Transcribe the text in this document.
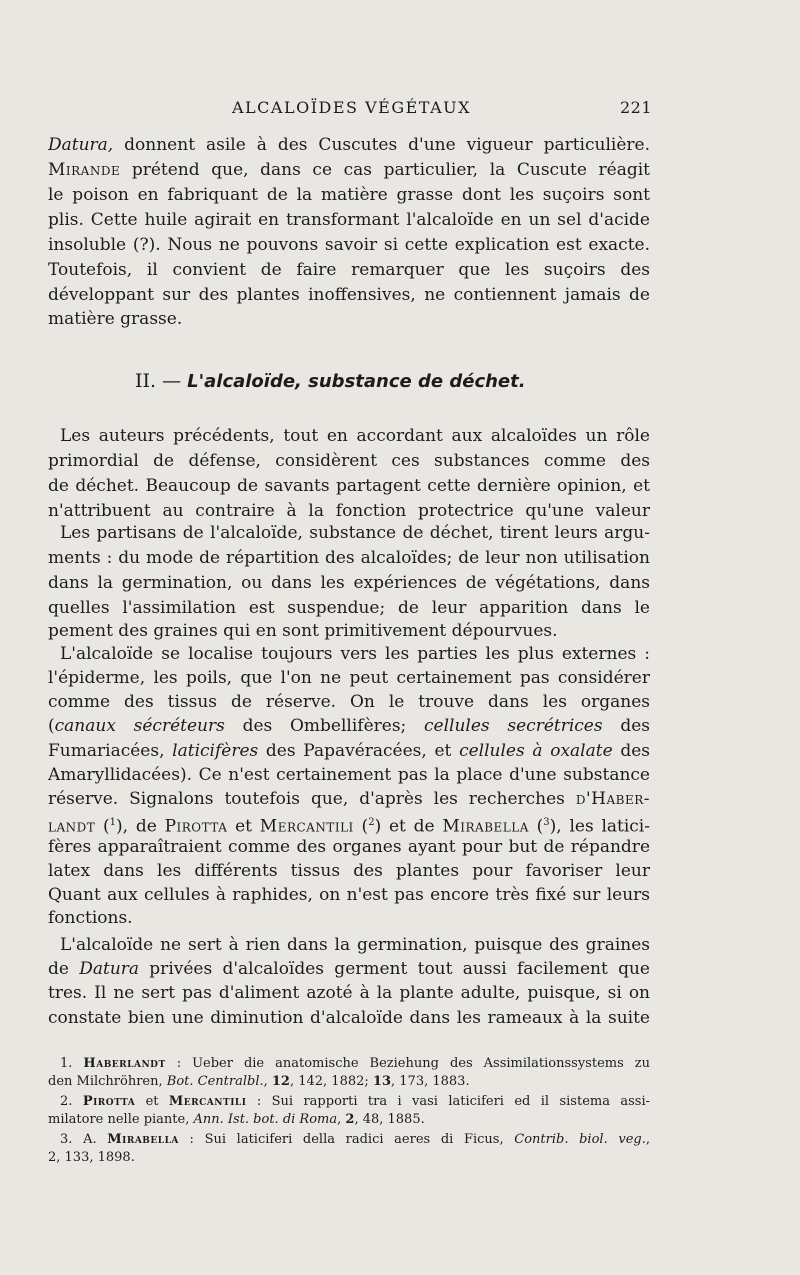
ALCALOÏDES VÉGÉTAUX	221
Datura, donnent asile à des Cuscutes d'une vigueur particulière.
Mirande prétend que, dans ce cas particulier, la Cuscute réagit
le poison en fabriquant de la matière grasse dont les suçoirs sont
plis. Cette huile agirait en transformant l'alcaloïde en un sel d'acide
insoluble (?). Nous ne pouvons savoir si cette explication est exacte.
Toutefois, il convient de faire remarquer que les suçoirs des
développant sur des plantes inoffensives, ne contiennent jamais de
matière grasse.
II. — L'alcaloïde, substance de déchet.
Les auteurs précédents, tout en accordant aux alcaloïdes un rôle
primordial de défense, considèrent ces substances comme des
de déchet. Beaucoup de savants partagent cette dernière opinion, et
n'attribuent au contraire à la fonction protectrice qu'une valeur
Les partisans de l'alcaloïde, substance de déchet, tirent leurs argu-
ments : du mode de répartition des alcaloïdes; de leur non utilisation
dans la germination, ou dans les expériences de végétations, dans
quelles l'assimilation est suspendue; de leur apparition dans le
pement des graines qui en sont primitivement dépourvues.
L'alcaloïde se localise toujours vers les parties les plus externes :
l'épiderme, les poils, que l'on ne peut certainement pas considérer
comme des tissus de réserve. On le trouve dans les organes
(canaux sécréteurs des Ombellifères; cellules secrétrices des
Fumariacées, laticifères des Papavéracées, et cellules à oxalate des
Amaryllidacées). Ce n'est certainement pas la place d'une substance
réserve. Signalons toutefois que, d'après les recherches d'Haber-
landt ($^1$), de Pirotta et Mercantili ($^2$) et de Mirabella ($^3$), les latici-
fères apparaîtraient comme des organes ayant pour but de répandre
latex dans les différents tissus des plantes pour favoriser leur
Quant aux cellules à raphides, on n'est pas encore très fixé sur leurs
fonctions.
L'alcaloïde ne sert à rien dans la germination, puisque des graines
de Datura privées d'alcaloïdes germent tout aussi facilement que
tres. Il ne sert pas d'aliment azoté à la plante adulte, puisque, si on
constate bien une diminution d'alcaloïde dans les rameaux à la suite
1. Haberlandt : Ueber die anatomische Beziehung des Assimilationssystems zu
den Milchröhren, Bot. Centralbl., 12, 142, 1882; 13, 173, 1883.
2. Pirotta et Mercantili : Sui rapporti tra i vasi laticiferi ed il sistema assi-
milatore nelle piante, Ann. Ist. bot. di Roma, 2, 48, 1885.
3. A. Mirabella : Sui laticiferi della radici aeres di Ficus, Contrib. biol. veg.,
2, 133, 1898.
